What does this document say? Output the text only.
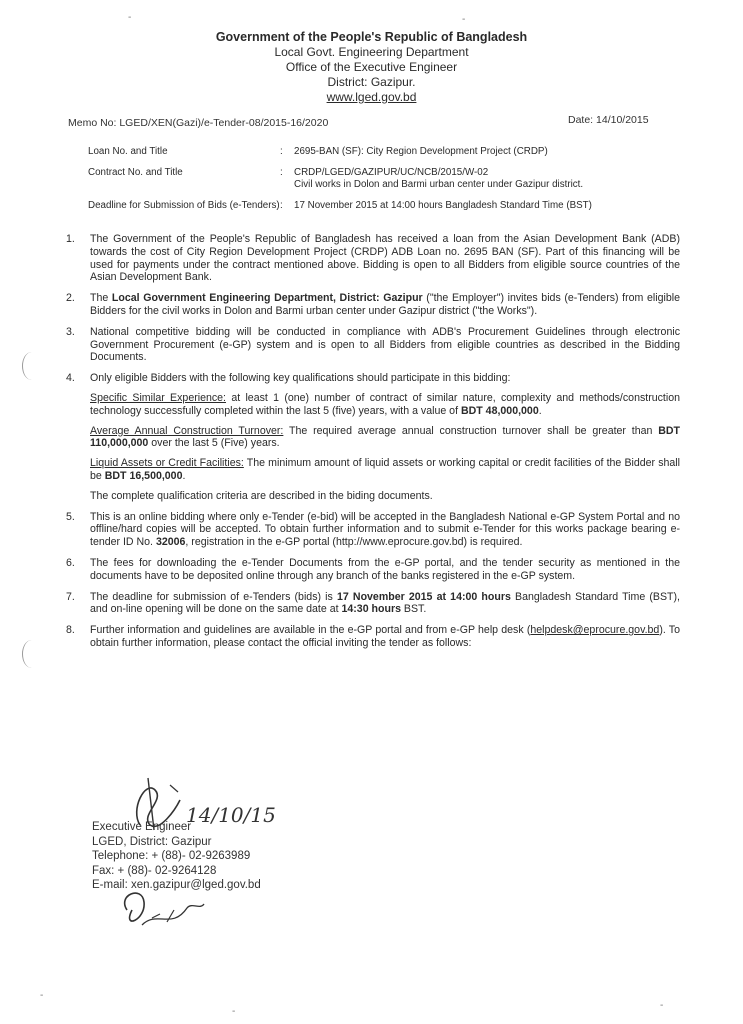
-	-
-
-
-
Government of the People's Republic of Bangladesh
Local Govt. Engineering Department
Office of the Executive Engineer
District: Gazipur.
www.lged.gov.bd
Memo No: LGED/XEN(Gazi)/e-Tender-08/2015-16/2020	Date: 14/10/2015
Loan No. and Title	:	2695-BAN (SF): City Region Development Project (CRDP)
Contract No. and Title	:	CRDP/LGED/GAZIPUR/UC/NCB/2015/W-02
Civil works in Dolon and Barmi urban center under Gazipur district.
Deadline for Submission of Bids (e-Tenders) :	17 November 2015 at 14:00 hours Bangladesh Standard Time (BST)
1.	The Government of the People's Republic of Bangladesh has received a loan from the Asian Development Bank (ADB) towards the cost of City Region Development Project (CRDP) ADB Loan no. 2695 BAN (SF). Part of this financing will be used for payments under the contract mentioned above. Bidding is open to all Bidders from eligible source countries of the Asian Development Bank.
2.	The Local Government Engineering Department, District: Gazipur ("the Employer") invites bids (e-Tenders) from eligible Bidders for the civil works in Dolon and Barmi urban center under Gazipur district ("the Works").
3.	National competitive bidding will be conducted in compliance with ADB's Procurement Guidelines through electronic Government Procurement (e-GP) system and is open to all Bidders from eligible countries as described in the Bidding Documents.
4.	Only eligible Bidders with the following key qualifications should participate in this bidding:
Specific Similar Experience: at least 1 (one) number of contract of similar nature, complexity and methods/construction technology successfully completed within the last 5 (five) years, with a value of BDT 48,000,000.
Average Annual Construction Turnover: The required average annual construction turnover shall be greater than BDT 110,000,000 over the last 5 (Five) years.
Liquid Assets or Credit Facilities: The minimum amount of liquid assets or working capital or credit facilities of the Bidder shall be BDT 16,500,000.
The complete qualification criteria are described in the biding documents.
5.	This is an online bidding where only e-Tender (e-bid) will be accepted in the Bangladesh National e-GP System Portal and no offline/hard copies will be accepted. To obtain further information and to submit e-Tender for this works package bearing e-tender ID No. 32006, registration in the e-GP portal (http://www.eprocure.gov.bd) is required.
6.	The fees for downloading the e-Tender Documents from the e-GP portal, and the tender security as mentioned in the documents have to be deposited online through any branch of the banks registered in the e-GP system.
7.	The deadline for submission of e-Tenders (bids) is 17 November 2015 at 14:00 hours Bangladesh Standard Time (BST), and on-line opening will be done on the same date at 14:30 hours BST.
8.	Further information and guidelines are available in the e-GP portal and from e-GP help desk (helpdesk@eprocure.gov.bd). To obtain further information, please contact the official inviting the tender as follows:
14/10/15
Executive Engineer
LGED, District: Gazipur
Telephone: + (88)- 02-9263989
Fax: + (88)- 02-9264128
E-mail: xen.gazipur@lged.gov.bd
